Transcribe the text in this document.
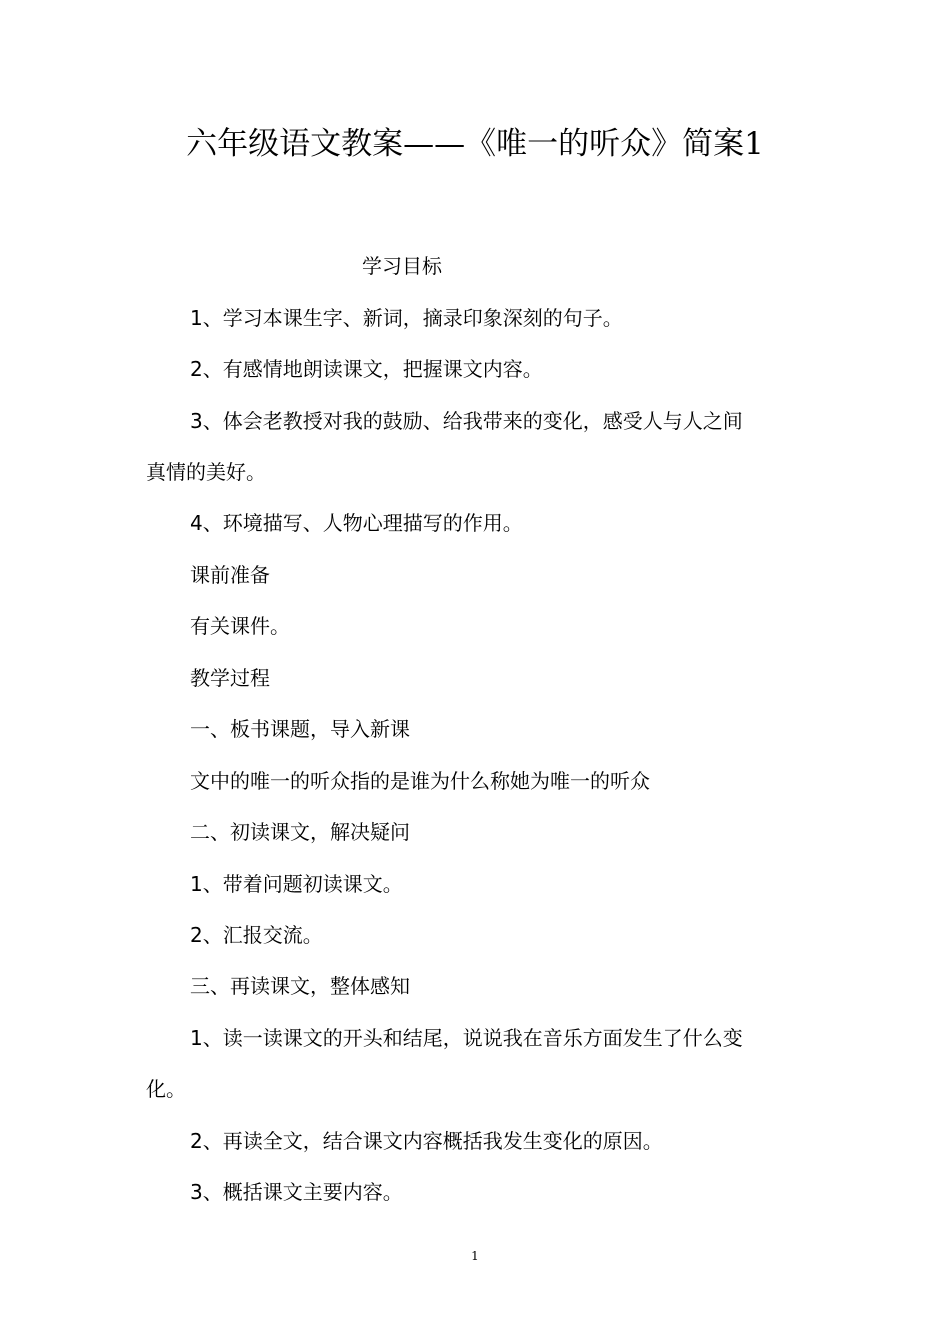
六年级语文教案——《唯一的听众》简案1
学习目标
1、学习本课生字、新词，摘录印象深刻的句子。
2、有感情地朗读课文，把握课文内容。
3、体会老教授对我的鼓励、给我带来的变化，感受人与人之间
真情的美好。
4、环境描写、人物心理描写的作用。
课前准备
有关课件。
教学过程
一、板书课题，导入新课
文中的唯一的听众指的是谁为什么称她为唯一的听众
二、初读课文，解决疑问
1、带着问题初读课文。
2、汇报交流。
三、再读课文，整体感知
1、读一读课文的开头和结尾，说说我在音乐方面发生了什么变
化。
2、再读全文，结合课文内容概括我发生变化的原因。
3、概括课文主要内容。
1
